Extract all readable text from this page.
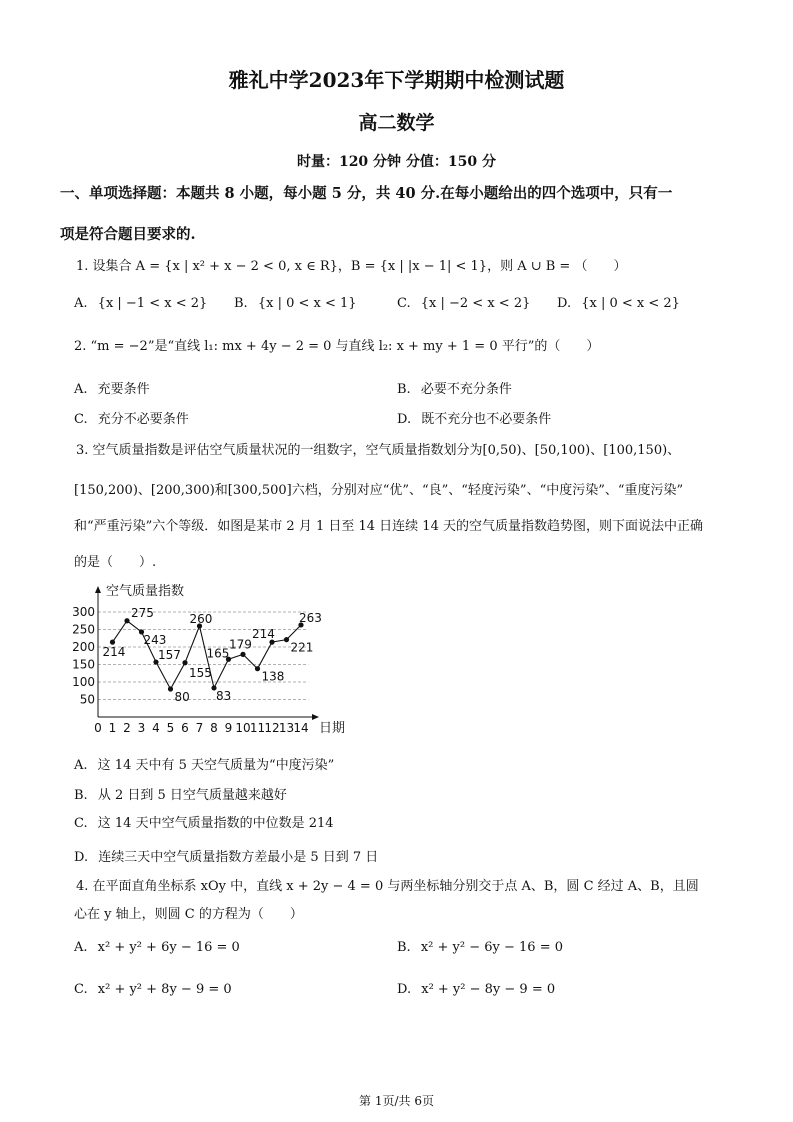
雅礼中学2023年下学期期中检测试题
高二数学
时量：120 分钟 分值：150 分
一、单项选择题：本题共 8 小题，每小题 5 分，共 40 分.在每小题给出的四个选项中，只有一
项是符合题目要求的.
1. 设集合 A = {x | x² + x − 2 < 0, x ∈ R}，B = {x | |x − 1| < 1}，则 A ∪ B = （　　）
A. {x | −1 < x < 2} B. {x | 0 < x < 1}	C. {x | −2 < x < 2} D. {x | 0 < x < 2}
2. “m = −2”是“直线 l₁: mx + 4y − 2 = 0 与直线 l₂: x + my + 1 = 0 平行”的（　　）
A. 充要条件	B. 必要不充分条件
C. 充分不必要条件	D. 既不充分也不必要条件
3. 空气质量指数是评估空气质量状况的一组数字，空气质量指数划分为[0,50)、[50,100)、[100,150)、
[150,200)、[200,300)和[300,500]六档，分别对应“优”、“良”、“轻度污染”、“中度污染”、“重度污染”
和“严重污染”六个等级．如图是某市 2 月 1 日至 14 日连续 14 天的空气质量指数趋势图，则下面说法中正确
的是（　　）.
空气质量指数
日期
50
100
150
200
250
300
0 1 2 3 4 5 6 7 8 9 10 11 12 13 14
214
275
243
157
80
155
260
83
165
179
138
214
221
263
A. 这 14 天中有 5 天空气质量为“中度污染”
B. 从 2 日到 5 日空气质量越来越好
C. 这 14 天中空气质量指数的中位数是 214
D. 连续三天中空气质量指数方差最小是 5 日到 7 日
4. 在平面直角坐标系 xOy 中，直线 x + 2y − 4 = 0 与两坐标轴分别交于点 A、B，圆 C 经过 A、B，且圆
心在 y 轴上，则圆 C 的方程为（　　）
A. x² + y² + 6y − 16 = 0	B. x² + y² − 6y − 16 = 0
C. x² + y² + 8y − 9 = 0	D. x² + y² − 8y − 9 = 0
第 1页/共 6页
